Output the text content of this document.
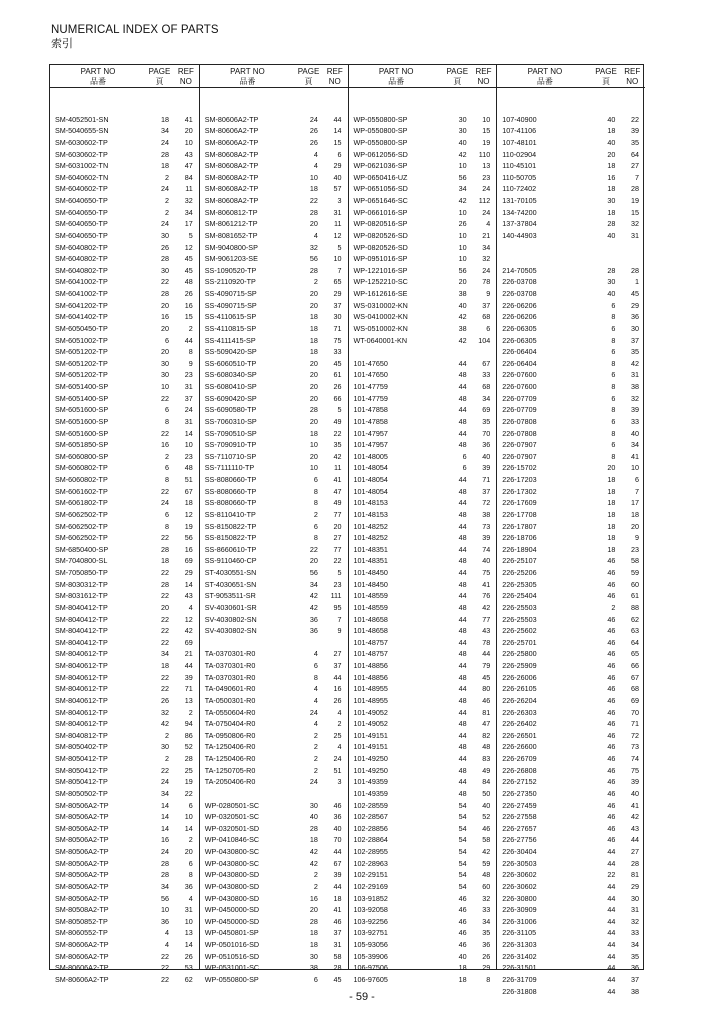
NUMERICAL INDEX OF PARTS
索引
PART NO
品番
PAGE
頁
REF
NO
SM-4052501-SN	18	41
SM-5040655-SN	34	20
SM-6030602-TP	24	10
SM-6030602-TP	28	43
SM-6031002-TN	18	47
SM-6040602-TN	2	84
SM-6040602-TP	24	11
SM-6040650-TP	2	32
SM-6040650-TP	2	34
SM-6040650-TP	24	17
SM-6040650-TP	30	5
SM-6040802-TP	26	12
SM-6040802-TP	28	45
SM-6040802-TP	30	45
SM-6041002-TP	22	48
SM-6041002-TP	28	26
SM-6041202-TP	20	16
SM-6041402-TP	16	15
SM-6050450-TP	20	2
SM-6051002-TP	6	44
SM-6051202-TP	20	8
SM-6051202-TP	30	9
SM-6051202-TP	30	23
SM-6051400-SP	10	31
SM-6051400-SP	22	37
SM-6051600-SP	6	24
SM-6051600-SP	8	31
SM-6051600-SP	22	14
SM-6051850-SP	16	10
SM-6060800-SP	2	23
SM-6060802-TP	6	48
SM-6060802-TP	8	51
SM-6061602-TP	22	67
SM-6061802-TP	24	18
SM-6062502-TP	6	12
SM-6062502-TP	8	19
SM-6062502-TP	22	56
SM-6850400-SP	28	16
SM-7040800-SL	18	69
SM-7050850-TP	22	29
SM-8030312-TP	28	14
SM-8031612-TP	22	43
SM-8040412-TP	20	4
SM-8040412-TP	22	12
SM-8040412-TP	22	42
SM-8040412-TP	22	69
SM-8040612-TP	34	21
SM-8040612-TP	18	44
SM-8040612-TP	22	39
SM-8040612-TP	22	71
SM-8040612-TP	26	13
SM-8040612-TP	32	2
SM-8040612-TP	42	94
SM-8040812-TP	2	86
SM-8050402-TP	30	52
SM-8050412-TP	2	28
SM-8050412-TP	22	25
SM-8050412-TP	24	19
SM-8050502-TP	34	22
SM-80506A2-TP	14	6
SM-80506A2-TP	14	10
SM-80506A2-TP	14	14
SM-80506A2-TP	16	2
SM-80506A2-TP	24	20
SM-80506A2-TP	28	6
SM-80506A2-TP	28	8
SM-80506A2-TP	34	36
SM-80506A2-TP	56	4
SM-80508A2-TP	10	31
SM-8050852-TP	36	10
SM-8060552-TP	4	13
SM-80606A2-TP	4	14
SM-80606A2-TP	22	26
SM-80606A2-TP	22	53
SM-80606A2-TP	22	62
PART NO
品番
PAGE
頁
REF
NO
SM-80606A2-TP	24	44
SM-80606A2-TP	26	14
SM-80606A2-TP	26	15
SM-80608A2-TP	4	6
SM-80608A2-TP	4	29
SM-80608A2-TP	10	40
SM-80608A2-TP	18	57
SM-80608A2-TP	22	3
SM-8060812-TP	28	31
SM-8061212-TP	20	11
SM-8081652-TP	4	12
SM-9040800-SP	32	5
SM-9061203-SE	56	10
SS-1090520-TP	28	7
SS-2110920-TP	2	65
SS-4090715-SP	20	29
SS-4090715-SP	20	37
SS-4110615-SP	18	30
SS-4110815-SP	18	71
SS-4111415-SP	18	75
SS-5090420-SP	18	33
SS-6060510-TP	20	45
SS-6080340-SP	20	61
SS-6080410-SP	20	26
SS-6090420-SP	20	66
SS-6090580-TP	28	5
SS-7060310-SP	20	49
SS-7090510-SP	18	22
SS-7090910-TP	10	35
SS-7110710-SP	20	42
SS-7111110-TP	10	11
SS-8080660-TP	6	41
SS-8080660-TP	8	47
SS-8080660-TP	8	49
SS-8110410-TP	2	77
SS-8150822-TP	6	20
SS-8150822-TP	8	27
SS-8660610-TP	22	77
SS-9110460-CP	20	22
ST-4030551-SN	56	5
ST-4030651-SN	34	23
ST-9053511-SR	42	111
SV-4030601-SR	42	95
SV-4030802-SN	36	7
SV-4030802-SN	36	9
TA-0370301-R0	4	27
TA-0370301-R0	6	37
TA-0370301-R0	8	44
TA-0490601-R0	4	16
TA-0500301-R0	4	26
TA-0550604-R0	24	4
TA-0750404-R0	4	2
TA-0950806-R0	2	25
TA-1250406-R0	2	4
TA-1250406-R0	2	24
TA-1250705-R0	2	51
TA-2050406-R0	24	3
WP-0280501-SC	30	46
WP-0320501-SC	40	36
WP-0320501-SD	28	40
WP-0410846-SC	18	70
WP-0430800-SC	42	44
WP-0430800-SC	42	67
WP-0430800-SD	2	39
WP-0430800-SD	2	44
WP-0430800-SD	16	18
WP-0450000-SD	20	41
WP-0450000-SD	28	46
WP-0450801-SP	18	37
WP-0501016-SD	18	31
WP-0510516-SD	30	58
WP-0531001-SC	38	28
WP-0550800-SP	6	45
PART NO
品番
PAGE
頁
REF
NO
WP-0550800-SP	30	10
WP-0550800-SP	30	15
WP-0550800-SP	40	19
WP-0612056-SD	42	110
WP-0621036-SP	10	13
WP-0650416-UZ	56	23
WP-0651056-SD	34	24
WP-0651646-SC	42	112
WP-0661016-SP	10	24
WP-0820516-SP	26	4
WP-0820526-SD	10	21
WP-0820526-SD	10	34
WP-0951016-SP	10	32
WP-1221016-SP	56	24
WP-1252210-SC	20	78
WP-1612616-SE	38	9
WS-0310002-KN	40	37
WS-0410002-KN	42	68
WS-0510002-KN	38	6
WT-0640001-KN	42	104
101-47650	44	67
101-47650	48	33
101-47759	44	68
101-47759	48	34
101-47858	44	69
101-47858	48	35
101-47957	44	70
101-47957	48	36
101-48005	6	40
101-48054	6	39
101-48054	44	71
101-48054	48	37
101-48153	44	72
101-48153	48	38
101-48252	44	73
101-48252	48	39
101-48351	44	74
101-48351	48	40
101-48450	44	75
101-48450	48	41
101-48559	44	76
101-48559	48	42
101-48658	44	77
101-48658	48	43
101-48757	44	78
101-48757	48	44
101-48856	44	79
101-48856	48	45
101-48955	44	80
101-48955	48	46
101-49052	44	81
101-49052	48	47
101-49151	44	82
101-49151	48	48
101-49250	44	83
101-49250	48	49
101-49359	44	84
101-49359	48	50
102-28559	54	40
102-28567	54	52
102-28856	54	46
102-28864	54	58
102-28955	54	42
102-28963	54	59
102-29151	54	48
102-29169	54	60
103-91852	46	32
103-92058	46	33
103-92256	46	34
103-92751	46	35
105-93056	46	36
105-39906	40	26
106-97506	18	29
106-97605	18	8
PART NO
品番
PAGE
頁
REF
NO
107-40900	40	22
107-41106	18	39
107-48101	40	35
110-02904	20	64
110-45101	18	27
110-50705	16	7
110-72402	18	28
131-70105	30	19
134-74200	18	15
137-37804	28	32
140-44903	40	31
214-70505	28	28
226-03708	30	1
226-03708	40	45
226-06206	6	29
226-06206	8	36
226-06305	6	30
226-06305	8	37
226-06404	6	35
226-06404	8	42
226-07600	6	31
226-07600	8	38
226-07709	6	32
226-07709	8	39
226-07808	6	33
226-07808	8	40
226-07907	6	34
226-07907	8	41
226-15702	20	10
226-17203	18	6
226-17302	18	7
226-17609	18	17
226-17708	18	18
226-17807	18	20
226-18706	18	9
226-18904	18	23
226-25107	46	58
226-25206	46	59
226-25305	46	60
226-25404	46	61
226-25503	2	88
226-25503	46	62
226-25602	46	63
226-25701	46	64
226-25800	46	65
226-25909	46	66
226-26006	46	67
226-26105	46	68
226-26204	46	69
226-26303	46	70
226-26402	46	71
226-26501	46	72
226-26600	46	73
226-26709	46	74
226-26808	46	75
226-27152	46	39
226-27350	46	40
226-27459	46	41
226-27558	46	42
226-27657	46	43
226-27756	46	44
226-30404	44	27
226-30503	44	28
226-30602	22	81
226-30602	44	29
226-30800	44	30
226-30909	44	31
226-31006	44	32
226-31105	44	33
226-31303	44	34
226-31402	44	35
226-31501	44	36
226-31709	44	37
226-31808	44	38
- 59 -
